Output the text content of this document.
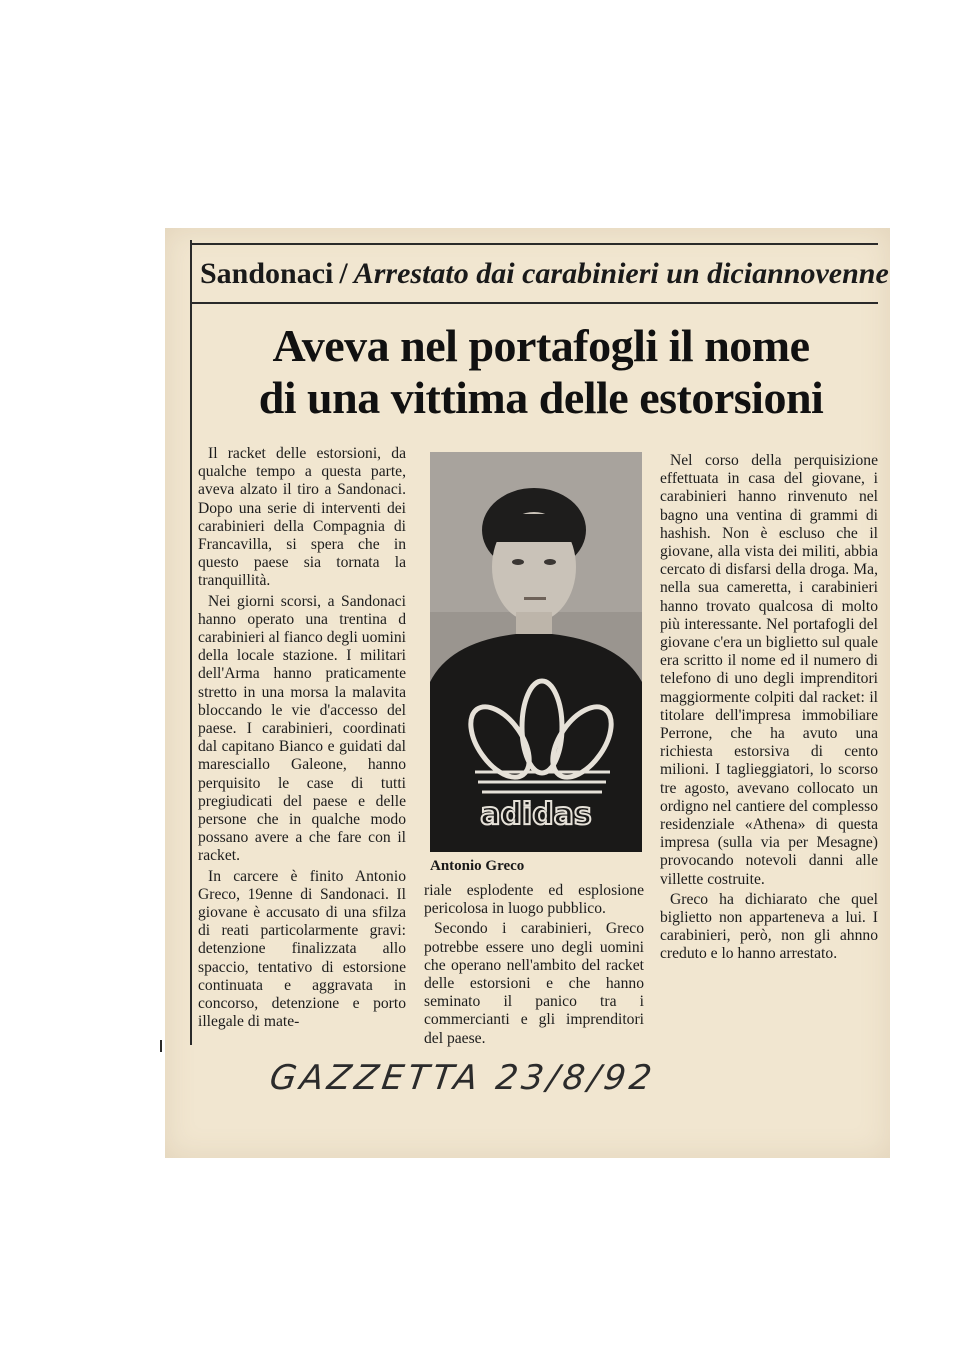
Sandonaci / Arrestato dai carabinieri un diciannovenne
Aveva nel portafogli il nome
di una vittima delle estorsioni

Il racket delle estorsioni, da qualche tempo a questa parte, aveva alzato il tiro a Sandonaci. Dopo una serie di interventi dei carabinieri della Compagnia di Francavilla, si spera che in questo paese sia tornata la tranquillità.

Nei giorni scorsi, a Sandonaci hanno operato una trentina d carabinieri al fianco degli uomini della locale stazione. I militari dell'Arma hanno praticamente stretto in una morsa la malavita bloccando le vie d'accesso del paese. I carabinieri, coordinati dal capitano Bianco e guidati dal maresciallo Galeone, hanno perquisito le case di tutti pregiudicati del paese e delle persone che in qualche modo possano avere a che fare con il racket.

In carcere è finito Antonio Greco, 19enne di Sandonaci. Il giovane è accusato di una sfilza di reati particolarmente gravi: detenzione finalizzata allo spaccio, tentativo di estorsione continuata e aggravata in concorso, detenzione e porto illegale di mate-

adidas
Antonio Greco

riale esplodente ed esplosione pericolosa in luogo pubblico.

Secondo i carabinieri, Greco potrebbe essere uno degli uomini che operano nell'ambito del racket delle estorsioni e che hanno seminato il panico tra i commercianti e gli imprenditori del paese.

Nel corso della perquisizione effettuata in casa del giovane, i carabinieri hanno rinvenuto nel bagno una ventina di grammi di hashish. Non è escluso che il giovane, alla vista dei militi, abbia cercato di disfarsi della droga. Ma, nella sua cameretta, i carabinieri hanno trovato qualcosa di molto più interessante. Nel portafogli del giovane c'era un biglietto sul quale era scritto il nome ed il numero di telefono di uno degli imprenditori maggiormente colpiti dal racket: il titolare dell'impresa immobiliare Perrone, che ha avuto una richiesta estorsiva di cento milioni. I taglieggiatori, lo scorso tre agosto, avevano collocato un ordigno nel cantiere del complesso residenziale «Athena» di questa impresa (sulla via per Mesagne) provocando notevoli danni alle villette costruite.

Greco ha dichiarato che quel biglietto non apparteneva a lui. I carabinieri, però, non gli ahnno creduto e lo hanno arrestato.

GAZZETTA 23/8/92
